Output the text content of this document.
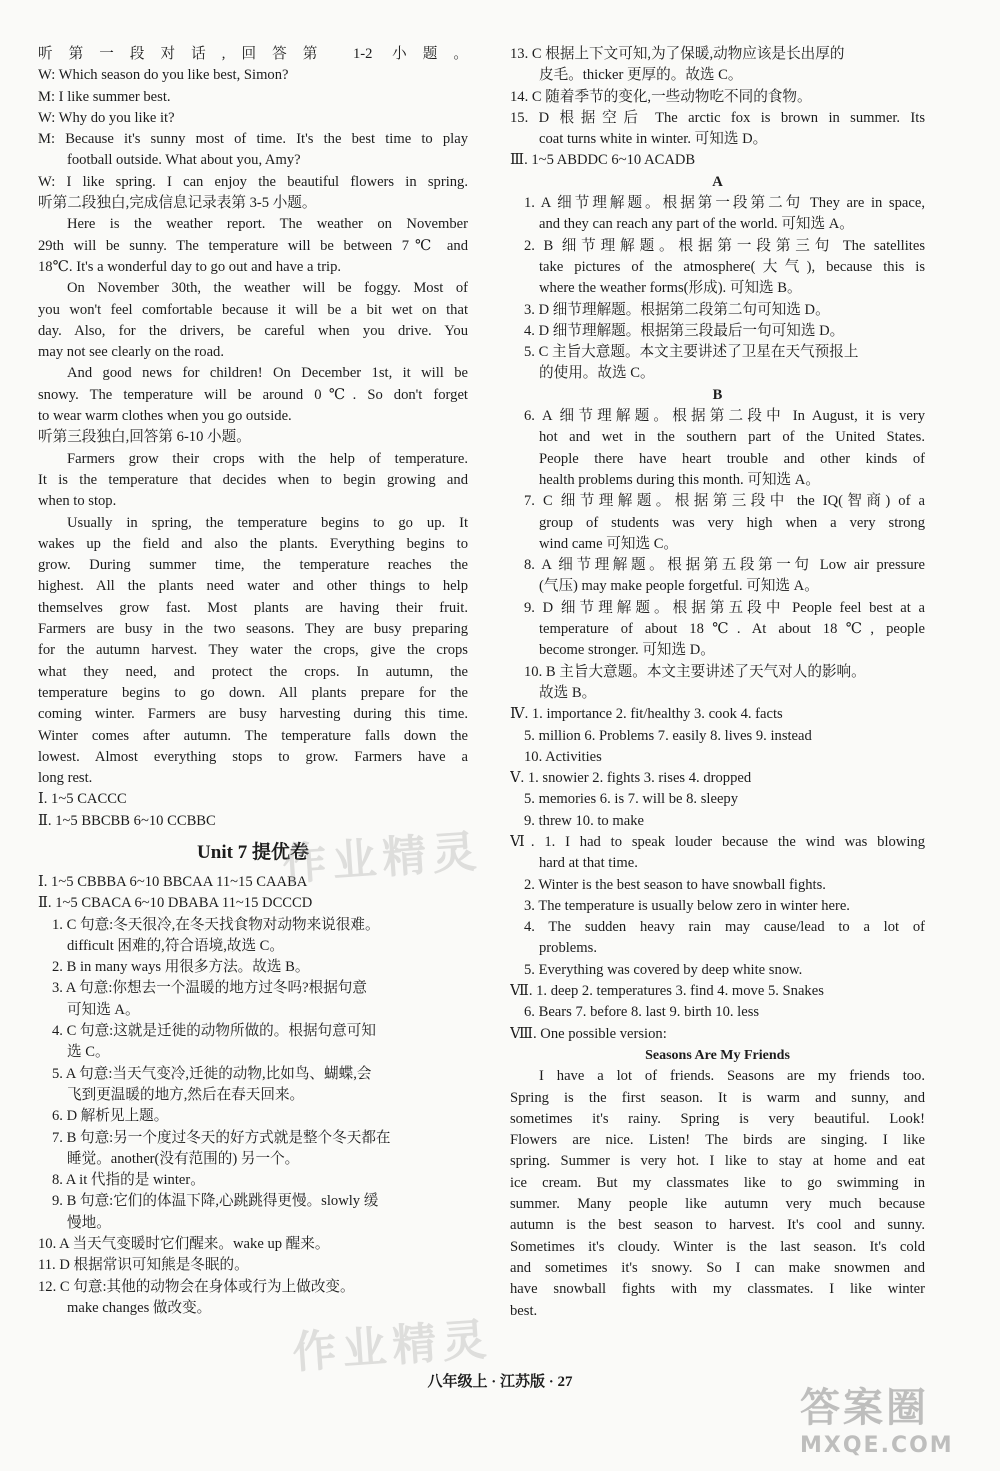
听第一段对话,回答第 1-2 小题。
W: Which season do you like best, Simon?
M: I like summer best.
W: Why do you like it?
M: Because it's sunny most of time. It's the best time to play
football outside. What about you, Amy?
W: I like spring. I can enjoy the beautiful flowers in spring.
听第二段独白,完成信息记录表第 3-5 小题。
Here is the weather report. The weather on November
29th will be sunny. The temperature will be between 7℃ and
18℃. It's a wonderful day to go out and have a trip.
On November 30th, the weather will be foggy. Most of
you won't feel comfortable because it will be a bit wet on that
day. Also, for the drivers, be careful when you drive. You
may not see clearly on the road.
And good news for children! On December 1st, it will be
snowy. The temperature will be around 0℃. So don't forget
to wear warm clothes when you go outside.
听第三段独白,回答第 6-10 小题。
Farmers grow their crops with the help of temperature.
It is the temperature that decides when to begin growing and
when to stop.
Usually in spring, the temperature begins to go up. It
wakes up the field and also the plants. Everything begins to
grow. During summer time, the temperature reaches the
highest. All the plants need water and other things to help
themselves grow fast. Most plants are having their fruit.
Farmers are busy in the two seasons. They are busy preparing
for the autumn harvest. They water the crops, give the crops
what they need, and protect the crops. In autumn, the
temperature begins to go down. All plants prepare for the
coming winter. Farmers are busy harvesting during this time.
Winter comes after autumn. The temperature falls down the
lowest. Almost everything stops to grow. Farmers have a
long rest.
Ⅰ. 1~5 CACCC
Ⅱ. 1~5 BBCBB 6~10 CCBBC
Unit 7 提优卷
Ⅰ. 1~5 CBBBA 6~10 BBCAA 11~15 CAABA
Ⅱ. 1~5 CBACA 6~10 DBABA 11~15 DCCCD
1. C 句意:冬天很冷,在冬天找食物对动物来说很难。
difficult 困难的,符合语境,故选 C。
2. B in many ways 用很多方法。故选 B。
3. A 句意:你想去一个温暖的地方过冬吗?根据句意
可知选 A。
4. C 句意:这就是迁徙的动物所做的。根据句意可知
选 C。
5. A 句意:当天气变冷,迁徙的动物,比如鸟、蝴蝶,会
飞到更温暖的地方,然后在春天回来。
6. D 解析见上题。
7. B 句意:另一个度过冬天的好方式就是整个冬天都在
睡觉。another(没有范围的) 另一个。
8. A it 代指的是 winter。
9. B 句意:它们的体温下降,心跳跳得更慢。slowly 缓
慢地。
10. A 当天气变暖时它们醒来。wake up 醒来。
11. D 根据常识可知熊是冬眠的。
12. C 句意:其他的动物会在身体或行为上做改变。
make changes 做改变。
13. C 根据上下文可知,为了保暖,动物应该是长出厚的
皮毛。thicker 更厚的。故选 C。
14. C 随着季节的变化,一些动物吃不同的食物。
15. D 根据空后 The arctic fox is brown in summer. Its
coat turns white in winter. 可知选 D。
Ⅲ. 1~5 ABDDC 6~10 ACADB
A
1. A 细节理解题。根据第一段第二句 They are in space,
and they can reach any part of the world. 可知选 A。
2. B 细节理解题。根据第一段第三句 The satellites
take pictures of the atmosphere(大气), because this is
where the weather forms(形成). 可知选 B。
3. D 细节理解题。根据第二段第二句可知选 D。
4. D 细节理解题。根据第三段最后一句可知选 D。
5. C 主旨大意题。本文主要讲述了卫星在天气预报上
的使用。故选 C。
B
6. A 细节理解题。根据第二段中 In August, it is very
hot and wet in the southern part of the United States.
People there have heart trouble and other kinds of
health problems during this month. 可知选 A。
7. C 细节理解题。根据第三段中 the IQ(智商) of a
group of students was very high when a very strong
wind came 可知选 C。
8. A 细节理解题。根据第五段第一句 Low air pressure
(气压) may make people forgetful. 可知选 A。
9. D 细节理解题。根据第五段中 People feel best at a
temperature of about 18℃. At about 18℃, people
become stronger. 可知选 D。
10. B 主旨大意题。本文主要讲述了天气对人的影响。
故选 B。
Ⅳ. 1. importance 2. fit/healthy 3. cook 4. facts
5. million 6. Problems 7. easily 8. lives 9. instead
10. Activities
Ⅴ. 1. snowier 2. fights 3. rises 4. dropped
5. memories 6. is 7. will be 8. sleepy
9. threw 10. to make
Ⅵ. 1. I had to speak louder because the wind was blowing
hard at that time.
2. Winter is the best season to have snowball fights.
3. The temperature is usually below zero in winter here.
4. The sudden heavy rain may cause/lead to a lot of
problems.
5. Everything was covered by deep white snow.
Ⅶ. 1. deep 2. temperatures 3. find 4. move 5. Snakes
6. Bears 7. before 8. last 9. birth 10. less
Ⅷ. One possible version:
Seasons Are My Friends
I have a lot of friends. Seasons are my friends too.
Spring is the first season. It is warm and sunny, and
sometimes it's rainy. Spring is very beautiful. Look!
Flowers are nice. Listen! The birds are singing. I like
spring. Summer is very hot. I like to stay at home and eat
ice cream. But my classmates like to go swimming in
summer. Many people like autumn very much because
autumn is the best season to harvest. It's cool and sunny.
Sometimes it's cloudy. Winter is the last season. It's cold
and sometimes it's snowy. So I can make snowmen and
have snowball fights with my classmates. I like winter
best.
作业精灵
作业精灵
八年级上 · 江苏版 · 27
答案圈
MXQE.COM
